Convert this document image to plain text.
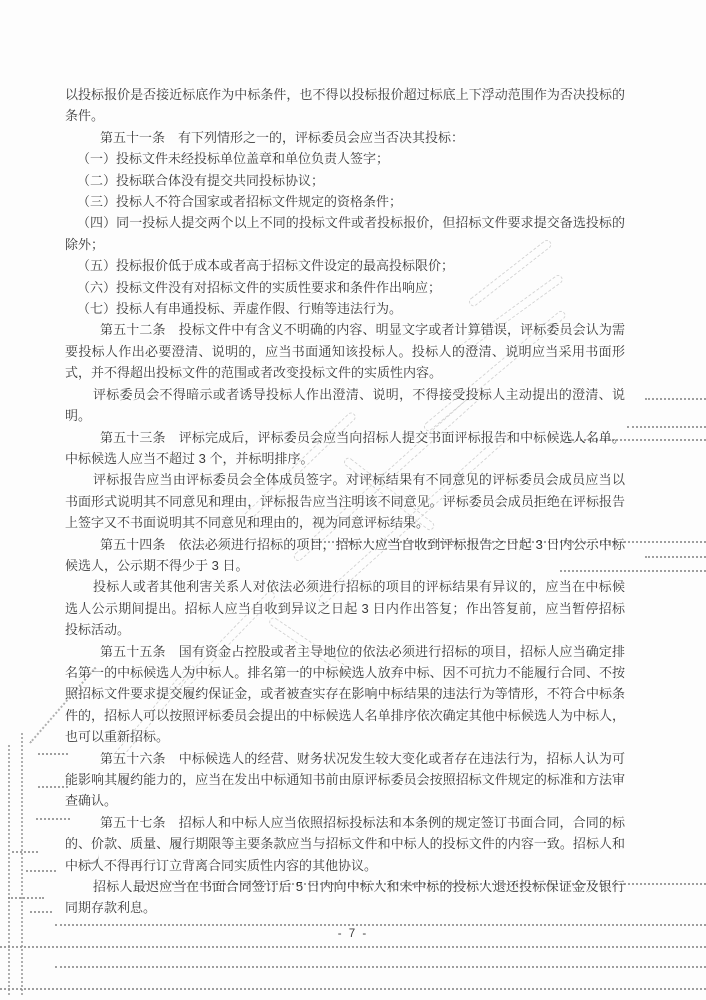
以投标报价是否接近标底作为中标条件，也不得以投标报价超过标底上下浮动范围作为否决投标的条件。

第五十一条　有下列情形之一的，评标委员会应当否决其投标：

（一）投标文件未经投标单位盖章和单位负责人签字；

（二）投标联合体没有提交共同投标协议；

（三）投标人不符合国家或者招标文件规定的资格条件；

（四）同一投标人提交两个以上不同的投标文件或者投标报价，但招标文件要求提交备选投标的除外；

（五）投标报价低于成本或者高于招标文件设定的最高投标限价；

（六）投标文件没有对招标文件的实质性要求和条件作出响应；

（七）投标人有串通投标、弄虚作假、行贿等违法行为。

第五十二条　投标文件中有含义不明确的内容、明显文字或者计算错误，评标委员会认为需要投标人作出必要澄清、说明的，应当书面通知该投标人。投标人的澄清、说明应当采用书面形式，并不得超出投标文件的范围或者改变投标文件的实质性内容。

评标委员会不得暗示或者诱导投标人作出澄清、说明，不得接受投标人主动提出的澄清、说明。

第五十三条　评标完成后，评标委员会应当向招标人提交书面评标报告和中标候选人名单。中标候选人应当不超过 3 个，并标明排序。

评标报告应当由评标委员会全体成员签字。对评标结果有不同意见的评标委员会成员应当以书面形式说明其不同意见和理由，评标报告应当注明该不同意见。评标委员会成员拒绝在评标报告上签字又不书面说明其不同意见和理由的，视为同意评标结果。

第五十四条　依法必须进行招标的项目，招标人应当自收到评标报告之日起 3 日内公示中标候选人，公示期不得少于 3 日。

投标人或者其他利害关系人对依法必须进行招标的项目的评标结果有异议的，应当在中标候选人公示期间提出。招标人应当自收到异议之日起 3 日内作出答复；作出答复前，应当暂停招标投标活动。

第五十五条　国有资金占控股或者主导地位的依法必须进行招标的项目，招标人应当确定排名第一的中标候选人为中标人。排名第一的中标候选人放弃中标、因不可抗力不能履行合同、不按照招标文件要求提交履约保证金，或者被查实存在影响中标结果的违法行为等情形，不符合中标条件的，招标人可以按照评标委员会提出的中标候选人名单排序依次确定其他中标候选人为中标人，也可以重新招标。

第五十六条　中标候选人的经营、财务状况发生较大变化或者存在违法行为，招标人认为可能影响其履约能力的，应当在发出中标通知书前由原评标委员会按照招标文件规定的标准和方法审查确认。

第五十七条　招标人和中标人应当依照招标投标法和本条例的规定签订书面合同，合同的标的、价款、质量、履行期限等主要条款应当与招标文件和中标人的投标文件的内容一致。招标人和中标人不得再行订立背离合同实质性内容的其他协议。

招标人最迟应当在书面合同签订后 5 日内向中标人和未中标的投标人退还投标保证金及银行同期存款利息。

- 7 -
